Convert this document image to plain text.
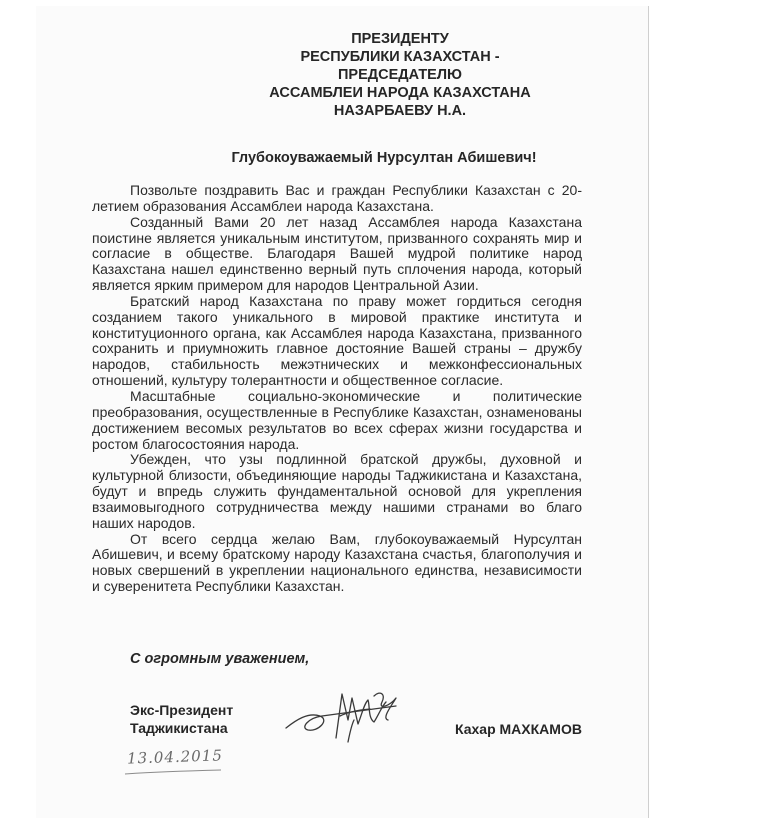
ПРЕЗИДЕНТУ
РЕСПУБЛИКИ КАЗАХСТАН -
ПРЕДСЕДАТЕЛЮ
АССАМБЛЕИ НАРОДА КАЗАХСТАНА
НАЗАРБАЕВУ Н.А.
Глубокоуважаемый Нурсултан Абишевич!

Позвольте поздравить Вас и граждан Республики Казахстан с 20-летием образования Ассамблеи народа Казахстана.

Созданный Вами 20 лет назад Ассамблея народа Казахстана поистине является уникальным институтом, призванного сохранять мир и согласие в обществе. Благодаря Вашей мудрой политике народ Казахстана нашел единственно верный путь сплочения народа, который является ярким примером для народов Центральной Азии.

Братский народ Казахстана по праву может гордиться сегодня созданием такого уникального в мировой практике института и конституционного органа, как Ассамблея народа Казахстана, призванного сохранить и приумножить главное достояние Вашей страны – дружбу народов, стабильность межэтнических и межконфессиональных отношений, культуру толерантности и общественное согласие.

Масштабные социально-экономические и политические преобразования, осуществленные в Республике Казахстан, ознаменованы достижением весомых результатов во всех сферах жизни государства и ростом благосостояния народа.

Убежден, что узы подлинной братской дружбы, духовной и культурной близости, объединяющие народы Таджикистана и Казахстана, будут и впредь служить фундаментальной основой для укрепления взаимовыгодного сотрудничества между нашими странами во благо наших народов.

От всего сердца желаю Вам, глубокоуважаемый Нурсултан Абишевич, и всему братскому народу Казахстана счастья, благополучия и новых свершений в укреплении национального единства, независимости и суверенитета Республики Казахстан.

С огромным уважением,
Экс-Президент
Таджикистана	Кахар МАХКАМОВ
13.04.2015
